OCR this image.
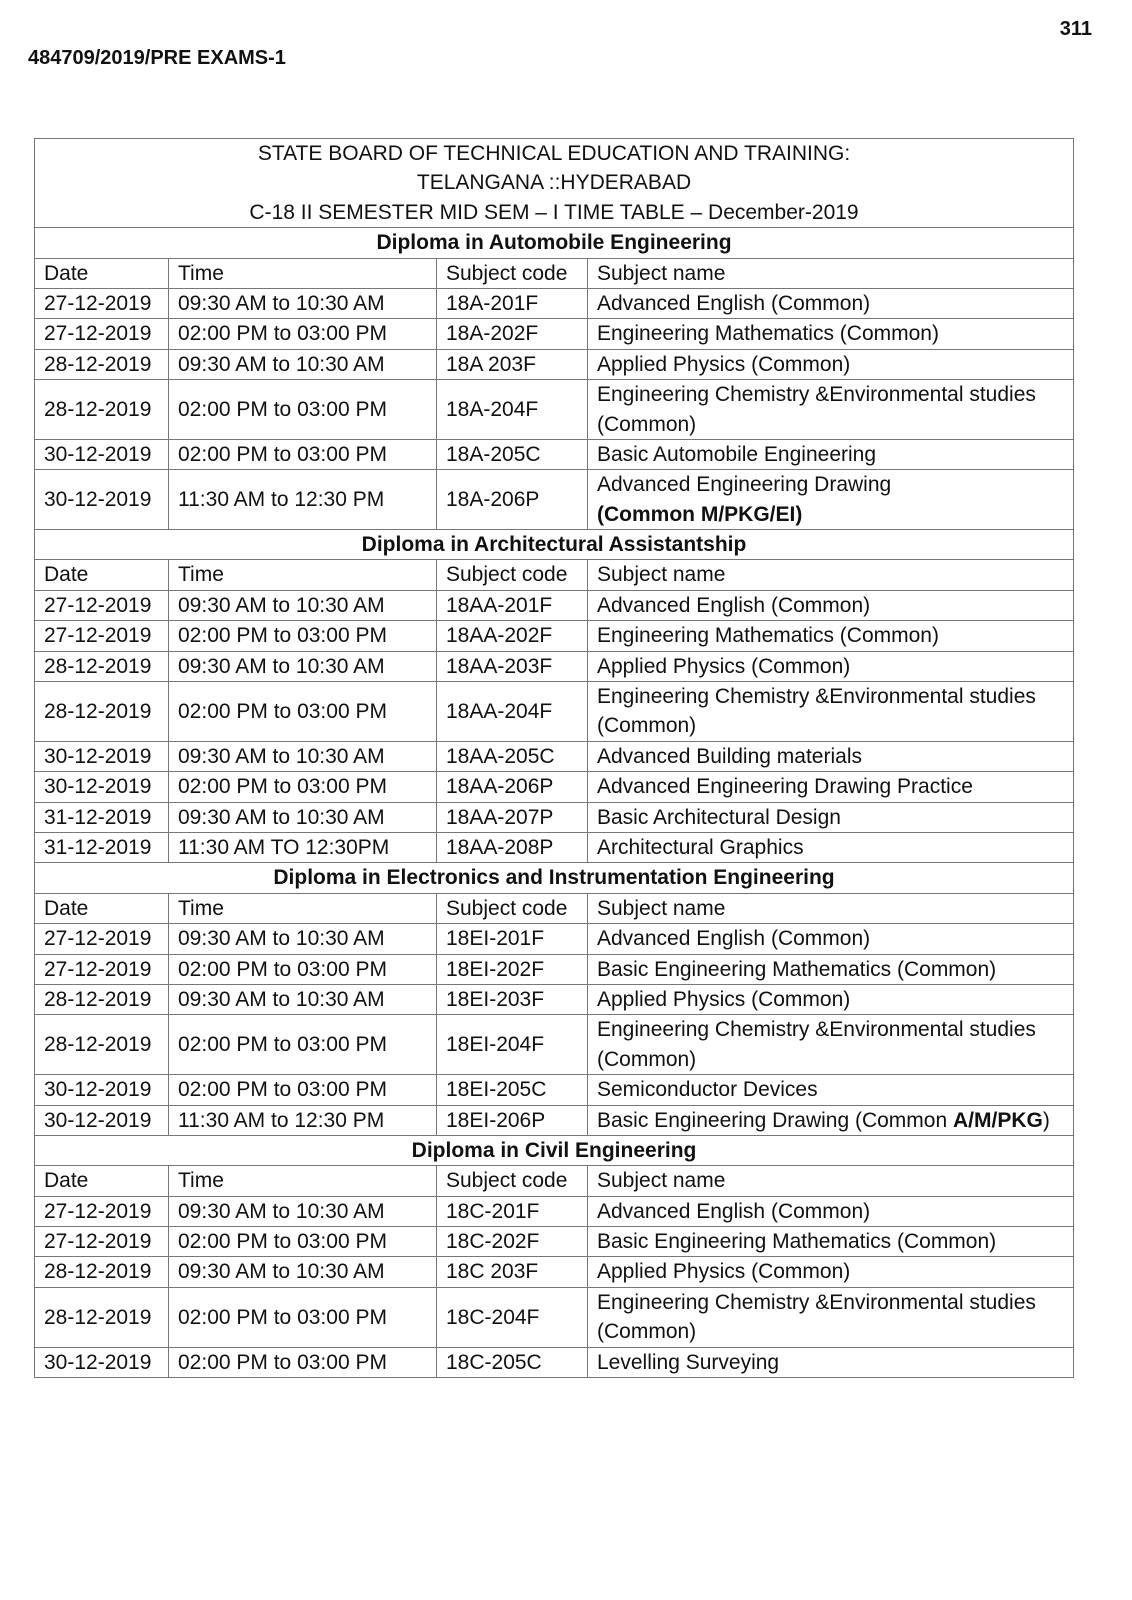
311
484709/2019/PRE EXAMS-1
STATE BOARD OF TECHNICAL EDUCATION AND TRAINING:
TELANGANA ::HYDERABAD
C-18 II SEMESTER MID SEM – I TIME TABLE – December-2019			

Diploma in Automobile Engineering			
Date	Time	Subject code	Subject name
27-12-2019	09:30 AM to 10:30 AM	18A-201F	Advanced English (Common)
27-12-2019	02:00 PM to 03:00 PM	18A-202F	Engineering Mathematics (Common)
28-12-2019	09:30 AM to 10:30 AM	18A 203F	Applied Physics (Common)
28-12-2019	02:00 PM to 03:00 PM	18A-204F	Engineering Chemistry &Environmental studies (Common)
30-12-2019	02:00 PM to 03:00 PM	18A-205C	Basic Automobile Engineering
30-12-2019	11:30 AM to 12:30 PM	18A-206P	Advanced Engineering Drawing
(Common M/PKG/EI)

Diploma in Architectural Assistantship			
Date	Time	Subject code	Subject name
27-12-2019	09:30 AM to 10:30 AM	18AA-201F	Advanced English (Common)
27-12-2019	02:00 PM to 03:00 PM	18AA-202F	Engineering Mathematics (Common)
28-12-2019	09:30 AM to 10:30 AM	18AA-203F	Applied Physics (Common)
28-12-2019	02:00 PM to 03:00 PM	18AA-204F	Engineering Chemistry &Environmental studies (Common)
30-12-2019	09:30 AM to 10:30 AM	18AA-205C	Advanced Building materials
30-12-2019	02:00 PM to 03:00 PM	18AA-206P	Advanced Engineering Drawing Practice
31-12-2019	09:30 AM to 10:30 AM	18AA-207P	Basic Architectural Design
31-12-2019	11:30 AM TO 12:30PM	18AA-208P	Architectural Graphics
Diploma in Electronics and Instrumentation Engineering			
Date	Time	Subject code	Subject name
27-12-2019	09:30 AM to 10:30 AM	18EI-201F	Advanced English (Common)
27-12-2019	02:00 PM to 03:00 PM	18EI-202F	Basic Engineering Mathematics (Common)
28-12-2019	09:30 AM to 10:30 AM	18EI-203F	Applied Physics (Common)
28-12-2019	02:00 PM to 03:00 PM	18EI-204F	Engineering Chemistry &Environmental studies (Common)
30-12-2019	02:00 PM to 03:00 PM	18EI-205C	Semiconductor Devices
30-12-2019	11:30 AM to 12:30 PM	18EI-206P	Basic Engineering Drawing (Common A/M/PKG)
Diploma in Civil Engineering			
Date	Time	Subject code	Subject name
27-12-2019	09:30 AM to 10:30 AM	18C-201F	Advanced English (Common)
27-12-2019	02:00 PM to 03:00 PM	18C-202F	Basic Engineering Mathematics (Common)
28-12-2019	09:30 AM to 10:30 AM	18C 203F	Applied Physics (Common)
28-12-2019	02:00 PM to 03:00 PM	18C-204F	Engineering Chemistry &Environmental studies (Common)
30-12-2019	02:00 PM to 03:00 PM	18C-205C	Levelling Surveying
